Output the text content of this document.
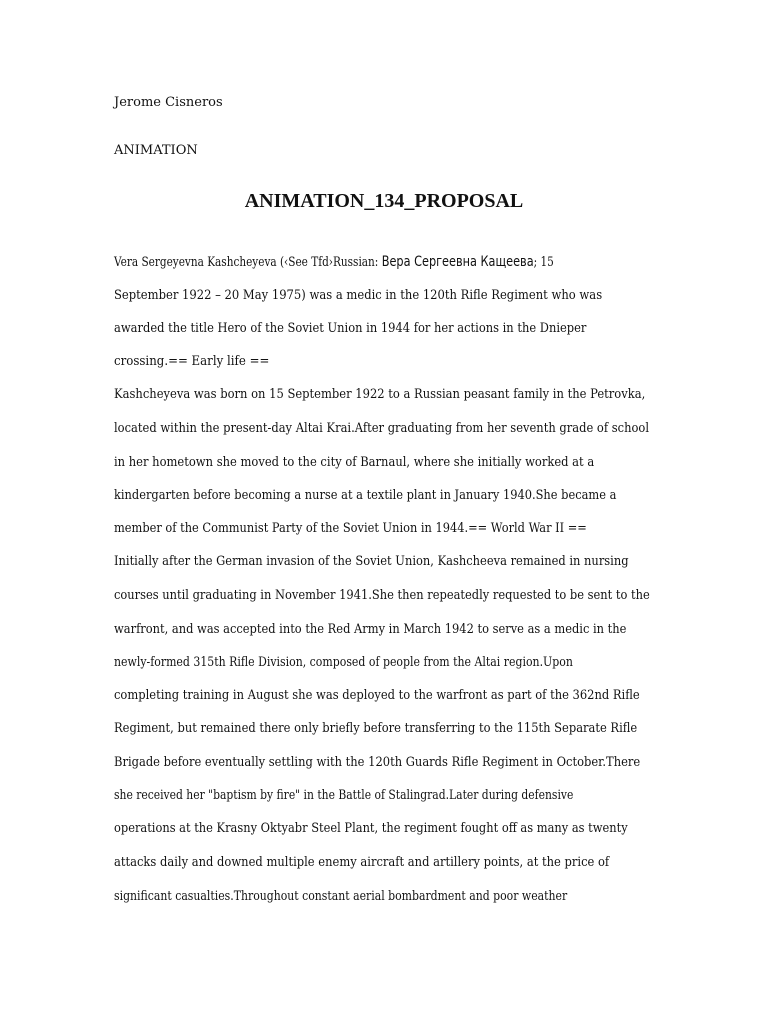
Jerome Cisneros
ANIMATION
ANIMATION_134_PROPOSAL
Vera Sergeyevna Kashcheyeva (‹See Tfd›Russian: Вера Сергеевна Кащеева; 15
September 1922 – 20 May 1975) was a medic in the 120th Rifle Regiment who was
awarded the title Hero of the Soviet Union in 1944 for her actions in the Dnieper
crossing.== Early life ==
Kashcheyeva was born on 15 September 1922 to a Russian peasant family in the Petrovka,
located within the present-day Altai Krai.After graduating from her seventh grade of school
in her hometown she moved to the city of Barnaul, where she initially worked at a
kindergarten before becoming a nurse at a textile plant in January 1940.She became a
member of the Communist Party of the Soviet Union in 1944.== World War II ==
Initially after the German invasion of the Soviet Union, Kashcheeva remained in nursing
courses until graduating in November 1941.She then repeatedly requested to be sent to the
warfront, and was accepted into the Red Army in March 1942 to serve as a medic in the
newly-formed 315th Rifle Division, composed of people from the Altai region.Upon
completing training in August she was deployed to the warfront as part of the 362nd Rifle
Regiment, but remained there only briefly before transferring to the 115th Separate Rifle
Brigade before eventually settling with the 120th Guards Rifle Regiment in October.There
she received her "baptism by fire" in the Battle of Stalingrad.Later during defensive
operations at the Krasny Oktyabr Steel Plant, the regiment fought off as many as twenty
attacks daily and downed multiple enemy aircraft and artillery points, at the price of
significant casualties.Throughout constant aerial bombardment and poor weather
